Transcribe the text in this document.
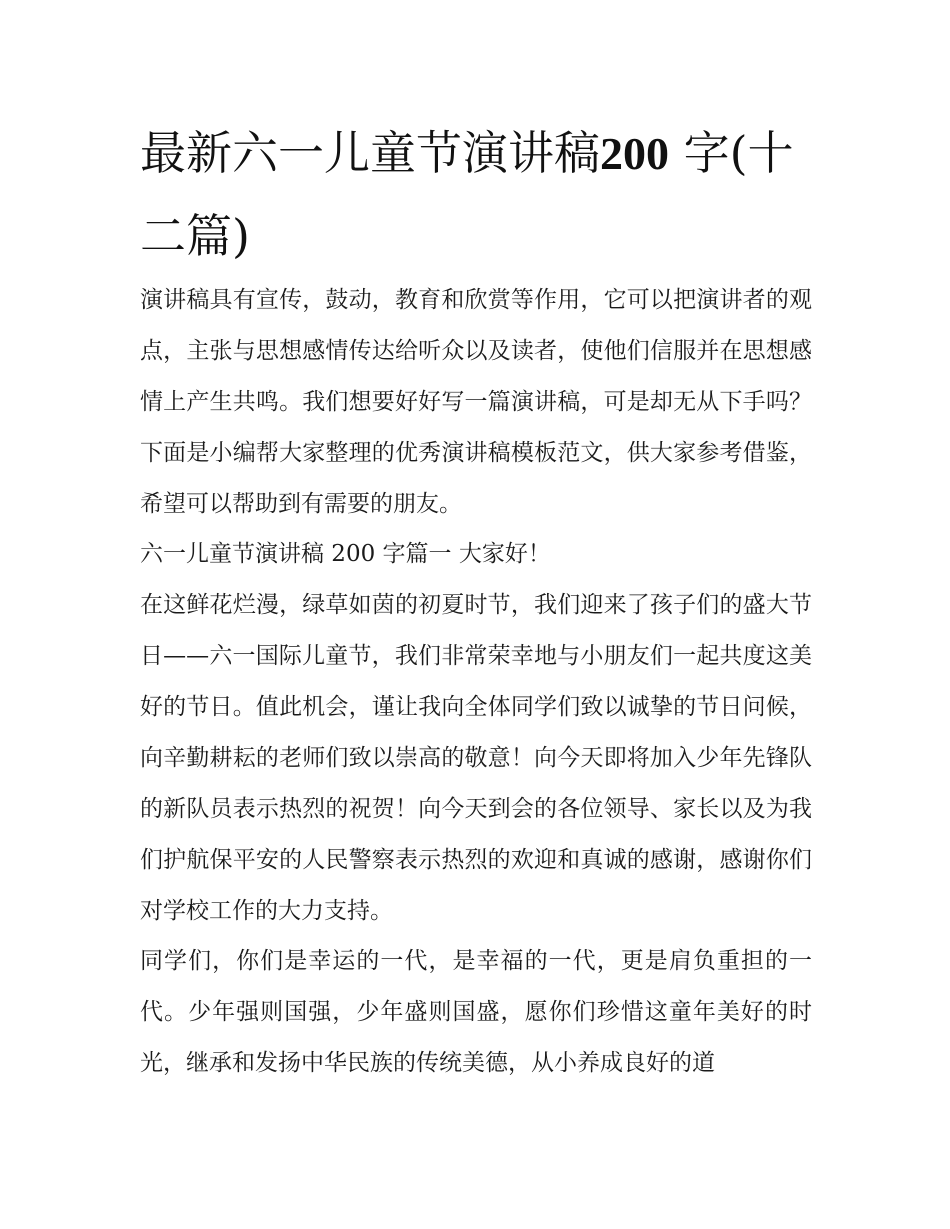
最新六一儿童节演讲稿200 字(十二篇)

演讲稿具有宣传，鼓动，教育和欣赏等作用，它可以把演讲者的观点，主张与思想感情传达给听众以及读者，使他们信服并在思想感情上产生共鸣。我们想要好好写一篇演讲稿，可是却无从下手吗？下面是小编帮大家整理的优秀演讲稿模板范文，供大家参考借鉴，希望可以帮助到有需要的朋友。

六一儿童节演讲稿 200 字篇一 大家好！

在这鲜花烂漫，绿草如茵的初夏时节，我们迎来了孩子们的盛大节日——六一国际儿童节，我们非常荣幸地与小朋友们一起共度这美好的节日。值此机会，谨让我向全体同学们致以诚挚的节日问候，向辛勤耕耘的老师们致以崇高的敬意！向今天即将加入少年先锋队的新队员表示热烈的祝贺！向今天到会的各位领导、家长以及为我们护航保平安的人民警察表示热烈的欢迎和真诚的感谢，感谢你们对学校工作的大力支持。

同学们，你们是幸运的一代，是幸福的一代，更是肩负重担的一代。少年强则国强，少年盛则国盛，愿你们珍惜这童年美好的时光，继承和发扬中华民族的传统美德，从小养成良好的道
